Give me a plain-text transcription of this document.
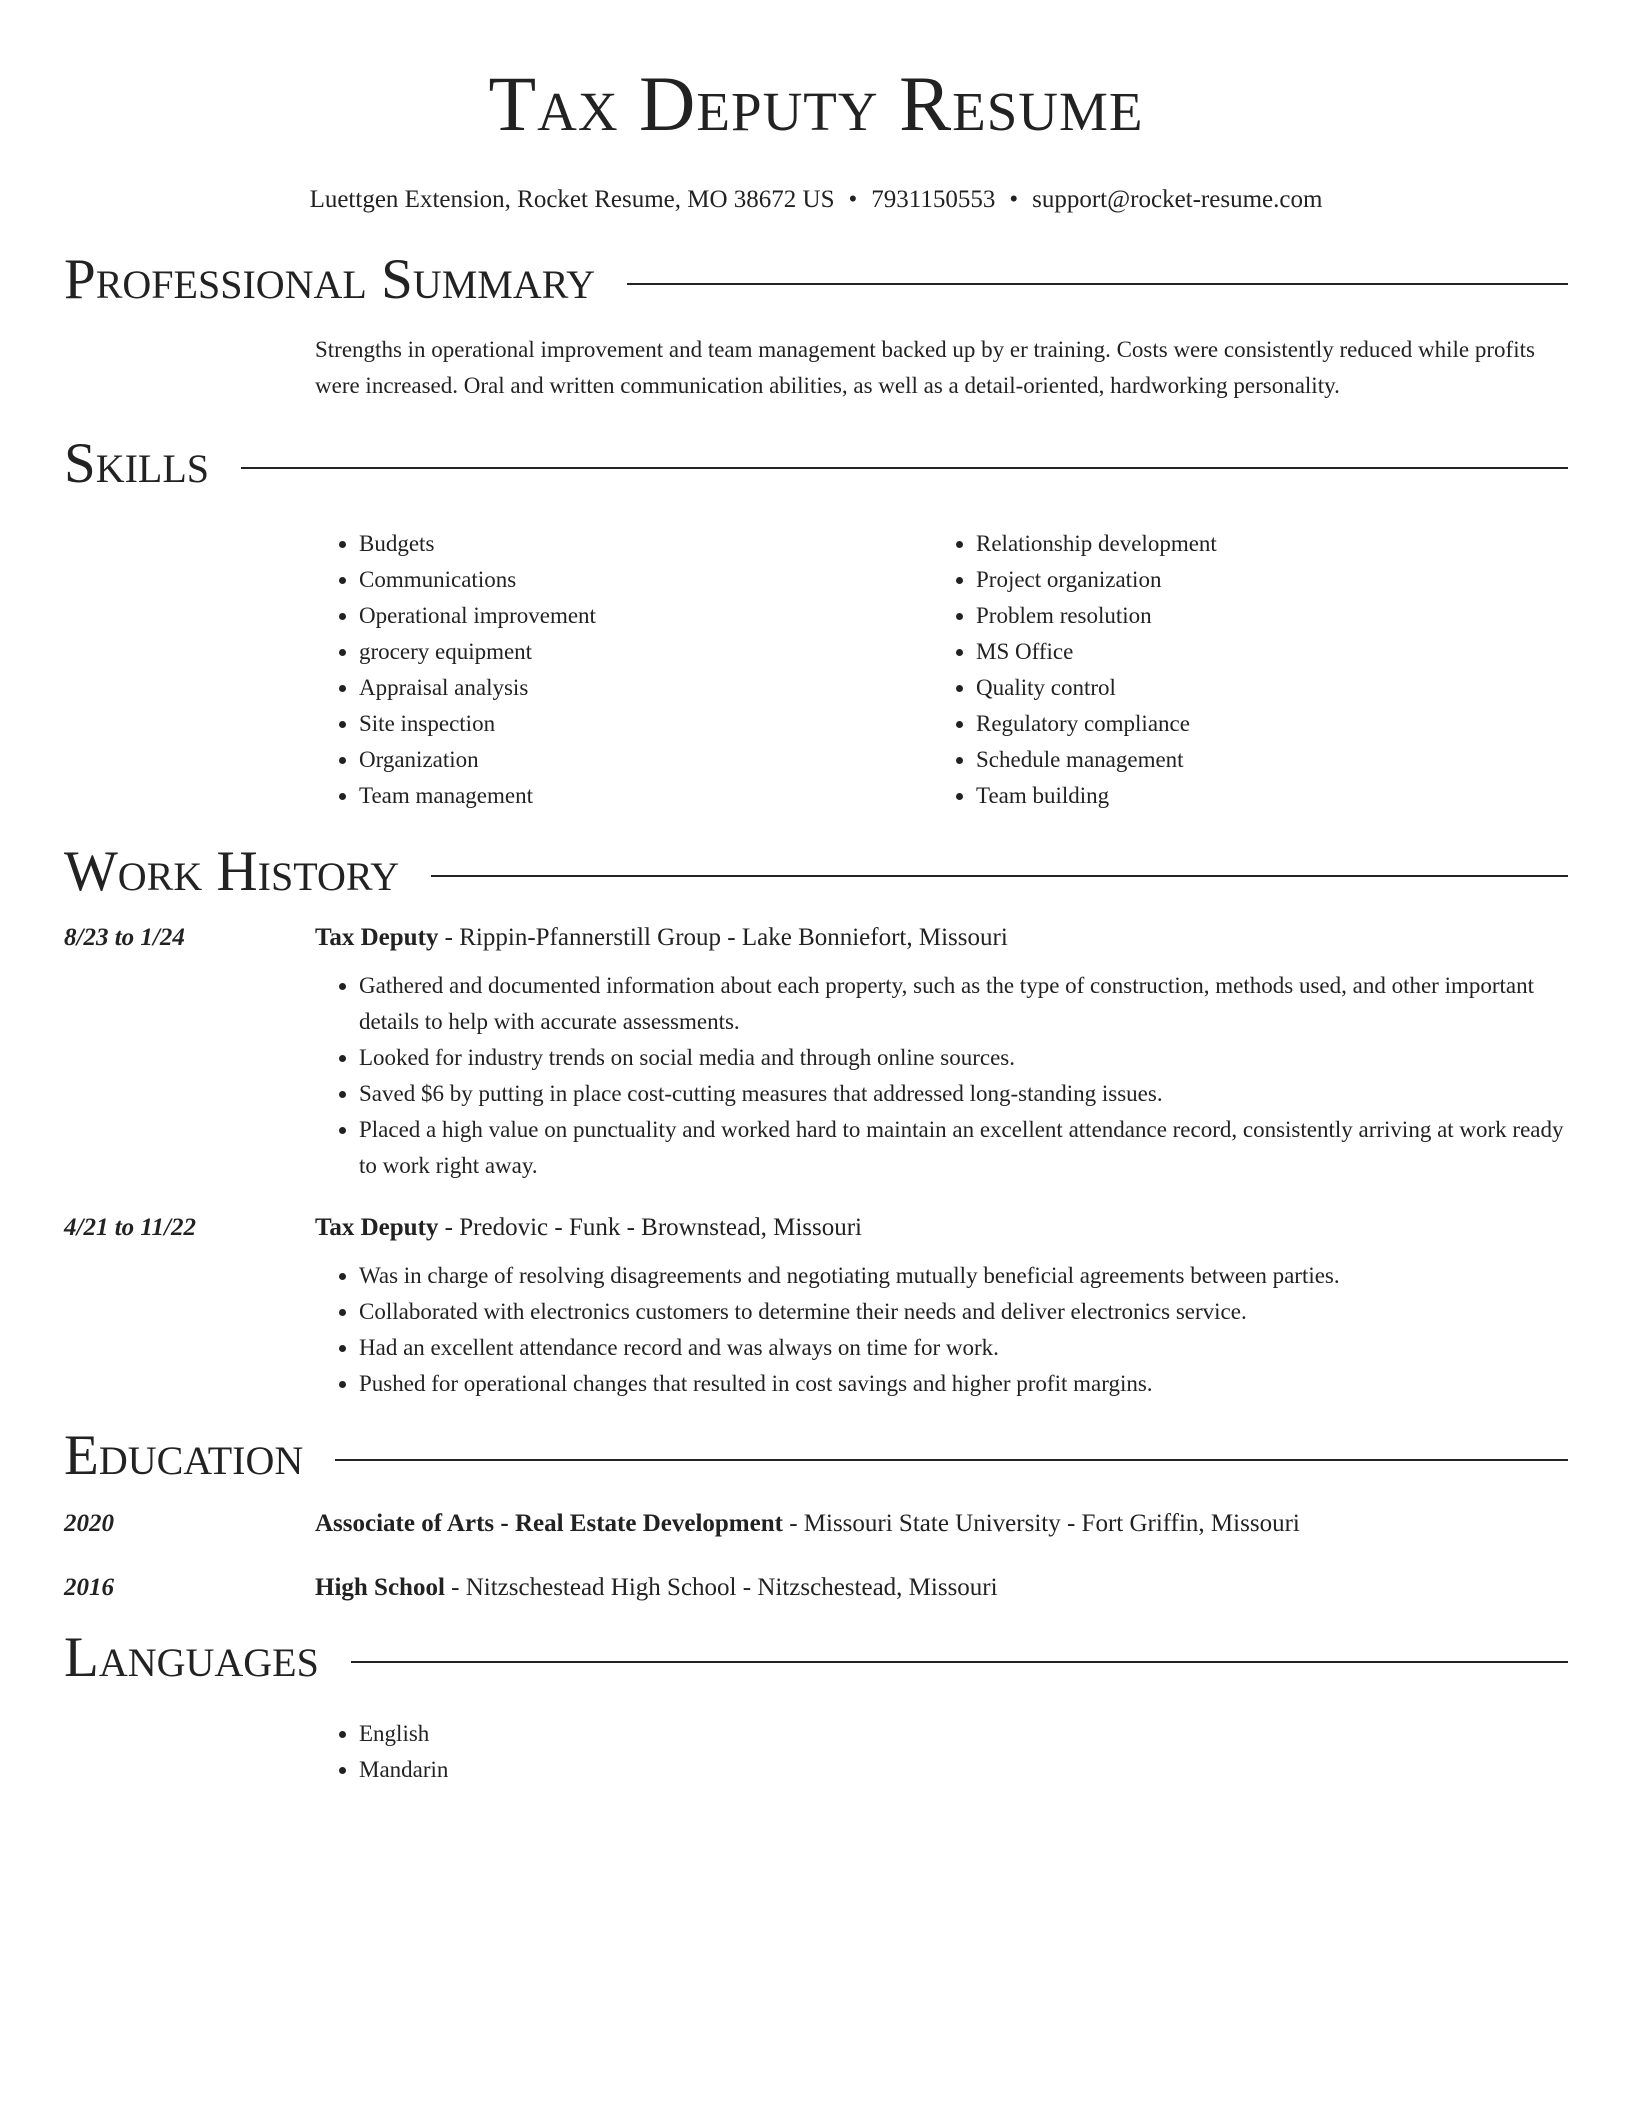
Tax Deputy Resume
Luettgen Extension, Rocket Resume, MO 38672 US • 7931150553 • support@rocket-resume.com
Professional Summary
Strengths in operational improvement and team management backed up by er training. Costs were consistently reduced while profits were increased. Oral and written communication abilities, as well as a detail-oriented, hardworking personality.
Skills
• Budgets
• Communications
• Operational improvement
• grocery equipment
• Appraisal analysis
• Site inspection
• Organization
• Team management
• Relationship development
• Project organization
• Problem resolution
• MS Office
• Quality control
• Regulatory compliance
• Schedule management
• Team building
Work History
8/23 to 1/24	Tax Deputy - Rippin-Pfannerstill Group - Lake Bonniefort, Missouri
• Gathered and documented information about each property, such as the type of construction, methods used, and other important details to help with accurate assessments.
• Looked for industry trends on social media and through online sources.
• Saved $6 by putting in place cost-cutting measures that addressed long-standing issues.
• Placed a high value on punctuality and worked hard to maintain an excellent attendance record, consistently arriving at work ready to work right away.
4/21 to 11/22	Tax Deputy - Predovic - Funk - Brownstead, Missouri
• Was in charge of resolving disagreements and negotiating mutually beneficial agreements between parties.
• Collaborated with electronics customers to determine their needs and deliver electronics service.
• Had an excellent attendance record and was always on time for work.
• Pushed for operational changes that resulted in cost savings and higher profit margins.
Education
2020	Associate of Arts - Real Estate Development - Missouri State University - Fort Griffin, Missouri
2016	High School - Nitzschestead High School - Nitzschestead, Missouri
Languages
• English
• Mandarin
